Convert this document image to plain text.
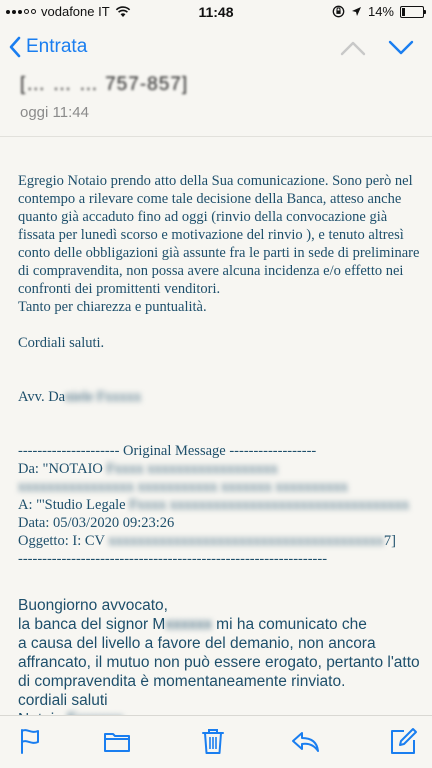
vodafone IT	11:48	14%
Entrata
[… … … 757-857]
oggi 11:44

Egregio Notaio prendo atto della Sua comunicazione. Sono però nel contempo a rilevare come tale decisione della Banca, atteso anche quanto già accaduto fino ad oggi (rinvio della convocazione già fissata per lunedì scorso e motivazione del rinvio ), e tenuto altresì conto delle obbligazioni già assunte fra le parti in sede di preliminare di compravendita, non possa avere alcuna incidenza e/o effetto nei confronti dei promittenti venditori.

Tanto per chiarezza e puntualità.

Cordiali saluti.

Avv. Daniele Fxxxxx

--------------------- Original Message ------------------

Da: "NOTAIO Fxxxx xxxxxxxxxxxxxxxxxx

xxxxxxxxxxxxxxxx xxxxxxxxxxx xxxxxxx xxxxxxxxxx

A: "'Studio Legale Fxxxx xxxxxxxxxxxxxxxxxxxxxxxxxxxxxxxxx

Data: 05/03/2020 09:23:26

Oggetto: I: CV xxxxxxxxxxxxxxxxxxxxxxxxxxxxxxxxxxxxxx7]

----------------------------------------------------------------

Buongiorno avvocato,

la banca del signor Mxxxxxx mi ha comunicato che

a causa del livello a favore del demanio, non ancora affrancato, il mutuo non può essere erogato, pertanto l'atto di compravendita è momentaneamente rinviato.

cordiali saluti
